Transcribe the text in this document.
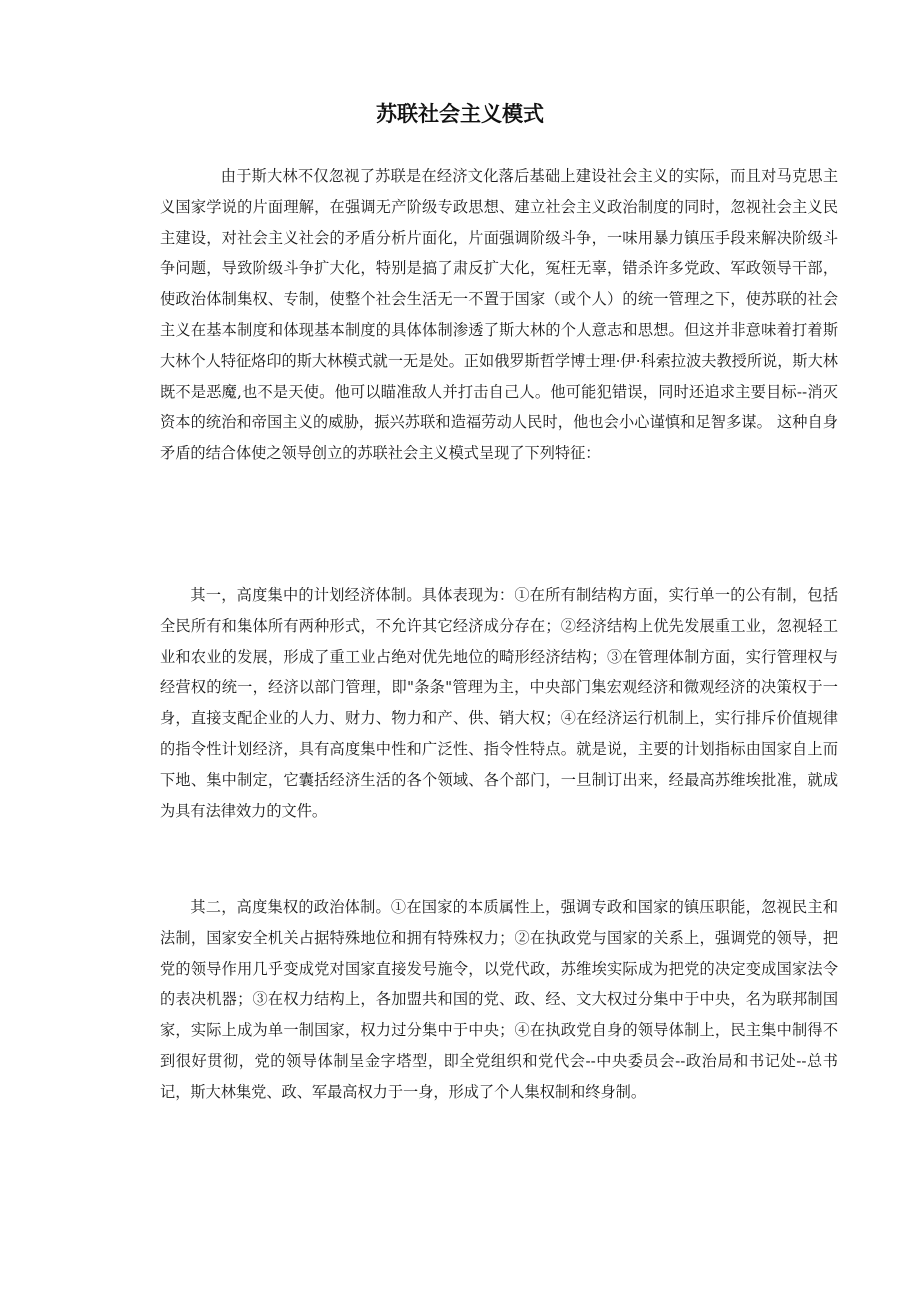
苏联社会主义模式

由于斯大林不仅忽视了苏联是在经济文化落后基础上建设社会主义的实际，而且对马克思主义国家学说的片面理解，在强调无产阶级专政思想、建立社会主义政治制度的同时，忽视社会主义民主建设，对社会主义社会的矛盾分析片面化，片面强调阶级斗争，一味用暴力镇压手段来解决阶级斗争问题，导致阶级斗争扩大化，特别是搞了肃反扩大化，冤枉无辜，错杀许多党政、军政领导干部，使政治体制集权、专制，使整个社会生活无一不置于国家（或个人）的统一管理之下，使苏联的社会主义在基本制度和体现基本制度的具体体制渗透了斯大林的个人意志和思想。但这并非意味着打着斯大林个人特征烙印的斯大林模式就一无是处。正如俄罗斯哲学博士理·伊·科索拉波夫教授所说，斯大林既不是恶魔,也不是天使。他可以瞄准敌人并打击自己人。他可能犯错误，同时还追求主要目标--消灭资本的统治和帝国主义的威胁，振兴苏联和造福劳动人民时，他也会小心谨慎和足智多谋。 这种自身矛盾的结合体使之领导创立的苏联社会主义模式呈现了下列特征：

其一，高度集中的计划经济体制。具体表现为：①在所有制结构方面，实行单一的公有制，包括全民所有和集体所有两种形式，不允许其它经济成分存在；②经济结构上优先发展重工业，忽视轻工业和农业的发展，形成了重工业占绝对优先地位的畸形经济结构；③在管理体制方面，实行管理权与经营权的统一，经济以部门管理，即"条条"管理为主，中央部门集宏观经济和微观经济的决策权于一身，直接支配企业的人力、财力、物力和产、供、销大权；④在经济运行机制上，实行排斥价值规律的指令性计划经济，具有高度集中性和广泛性、指令性特点。就是说，主要的计划指标由国家自上而下地、集中制定，它囊括经济生活的各个领域、各个部门，一旦制订出来，经最高苏维埃批准，就成为具有法律效力的文件。

其二，高度集权的政治体制。①在国家的本质属性上，强调专政和国家的镇压职能，忽视民主和法制，国家安全机关占据特殊地位和拥有特殊权力；②在执政党与国家的关系上，强调党的领导，把党的领导作用几乎变成党对国家直接发号施令，以党代政，苏维埃实际成为把党的决定变成国家法令的表决机器；③在权力结构上，各加盟共和国的党、政、经、文大权过分集中于中央，名为联邦制国家，实际上成为单一制国家，权力过分集中于中央；④在执政党自身的领导体制上，民主集中制得不到很好贯彻，党的领导体制呈金字塔型，即全党组织和党代会--中央委员会--政治局和书记处--总书记，斯大林集党、政、军最高权力于一身，形成了个人集权制和终身制。
